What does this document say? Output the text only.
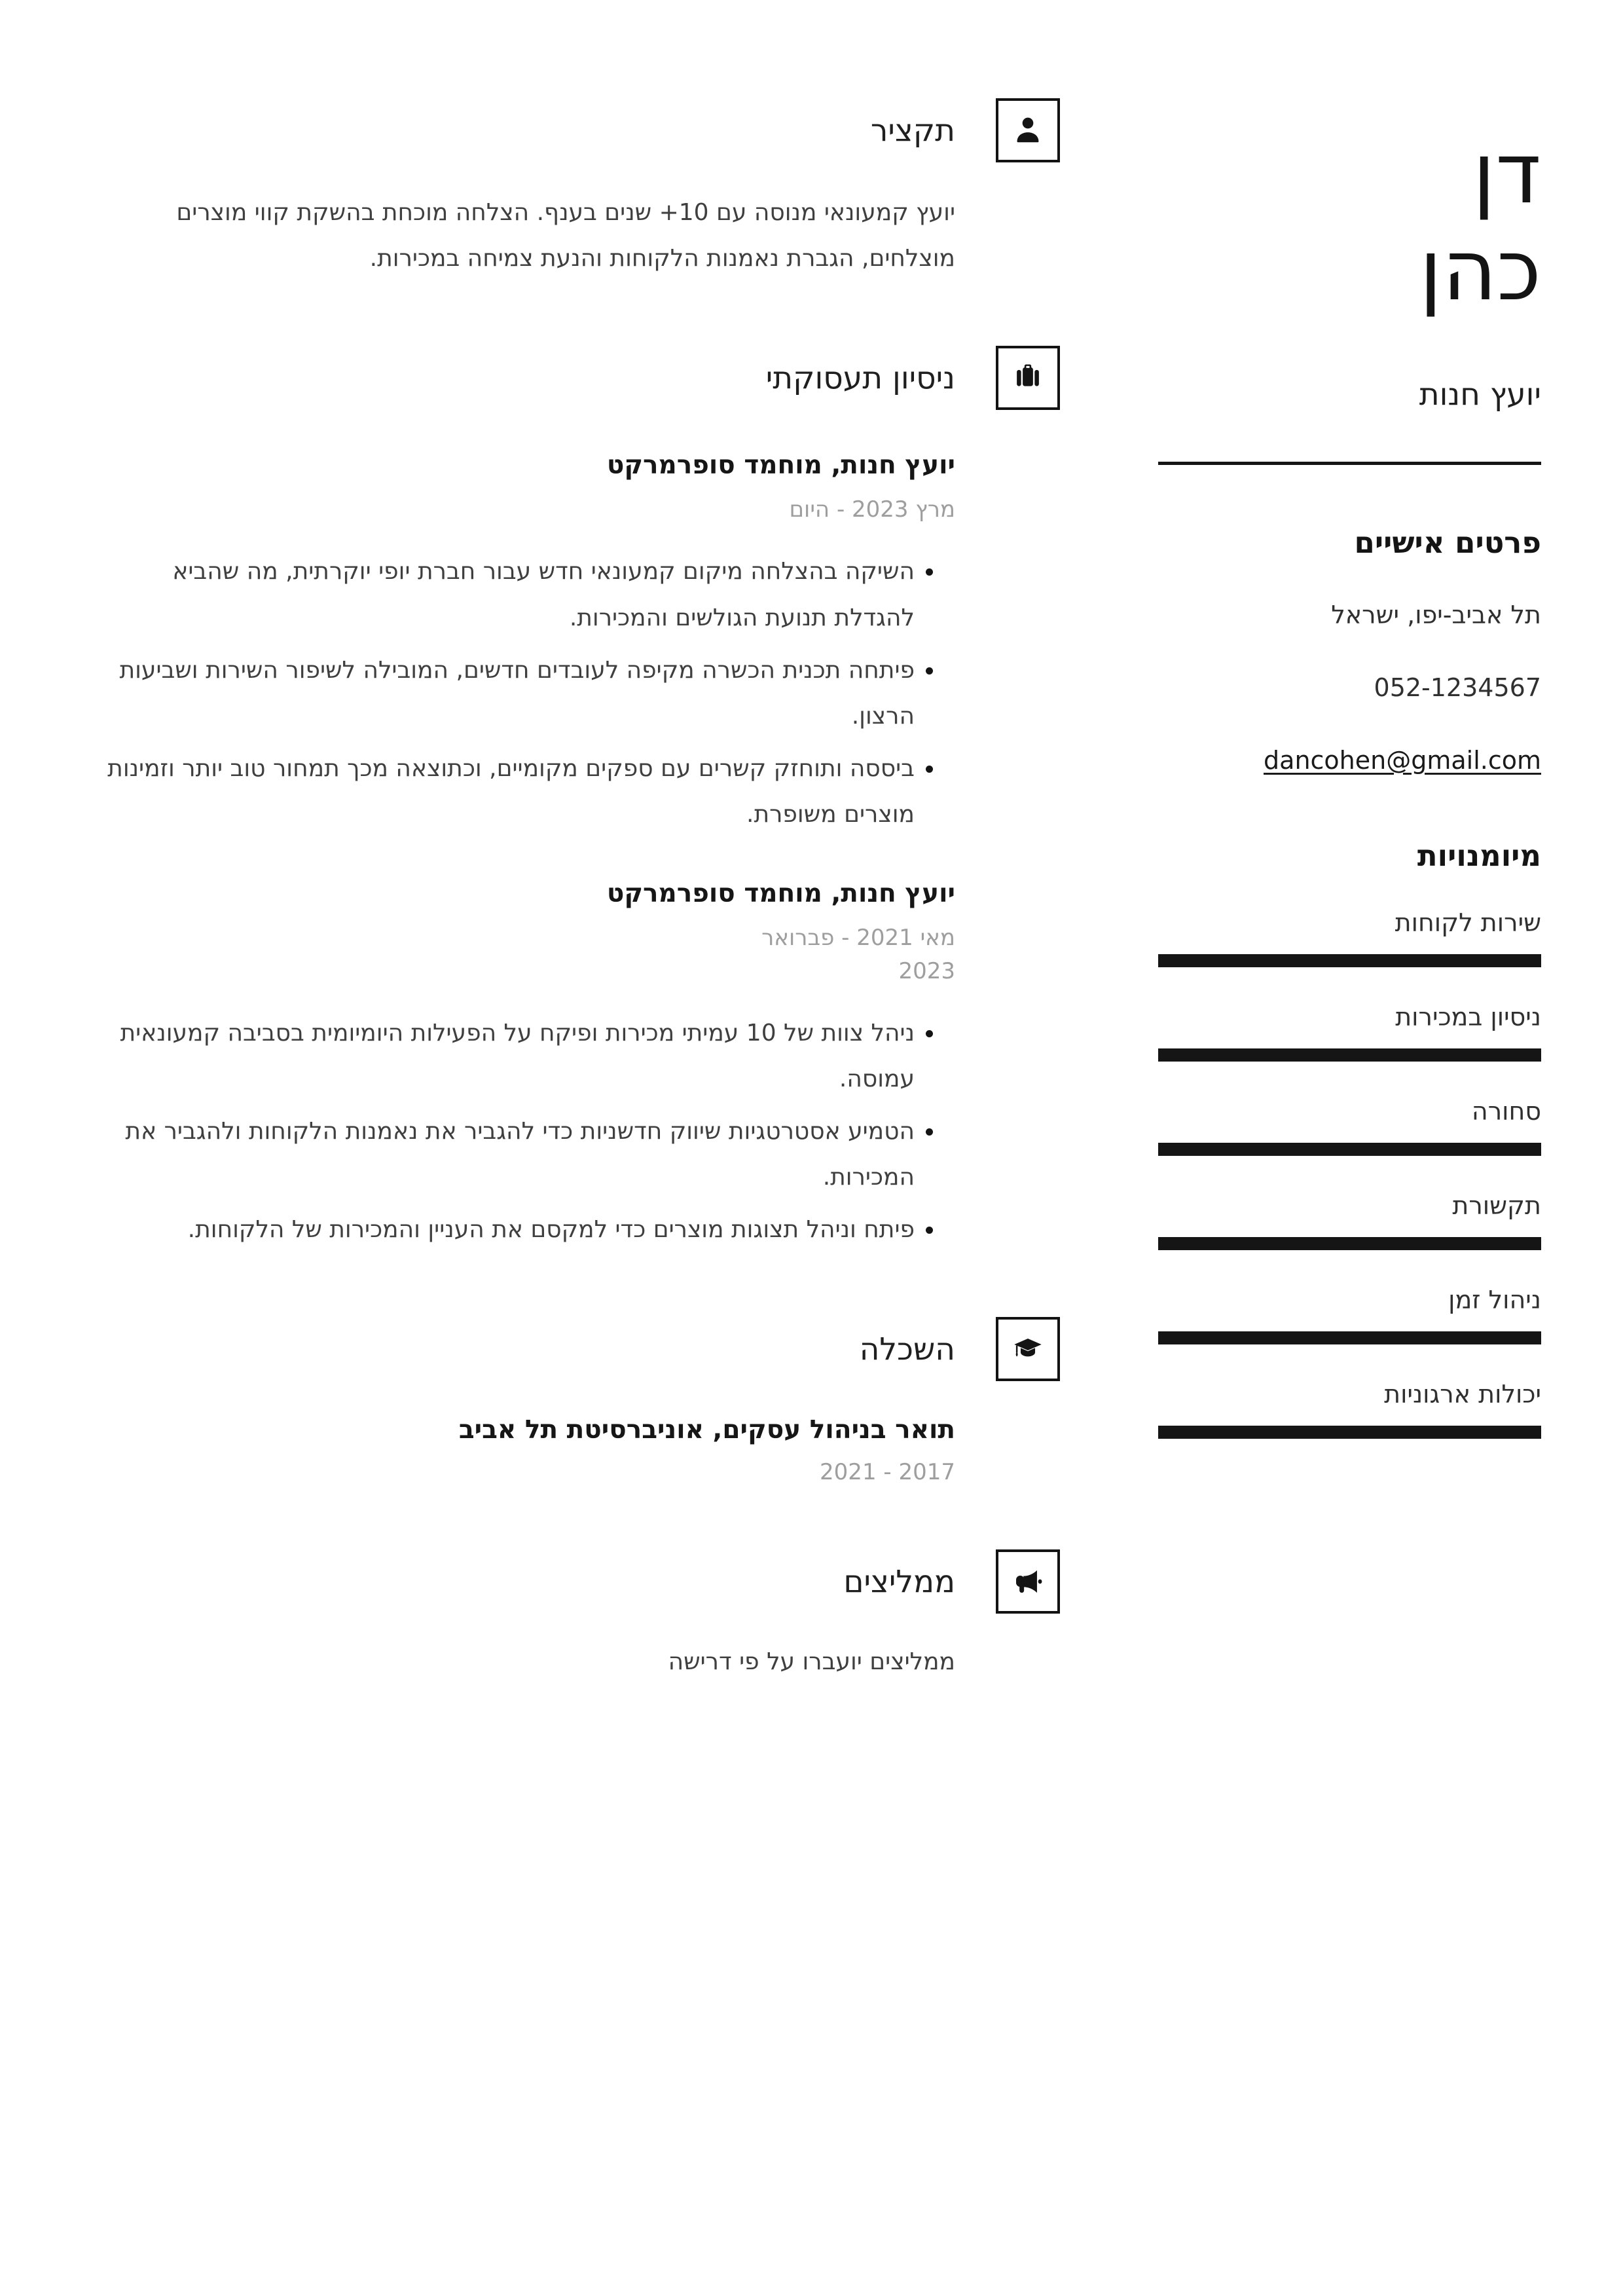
דן
כהן
יועץ חנות
פרטים אישיים
תל אביב-יפו, ישראל
052-1234567
dancohen@gmail.com
מיומנויות
שירות לקוחות
ניסיון במכירות
סחורה
תקשורת
ניהול זמן
יכולות ארגוניות
תקציר

יועץ קמעונאי מנוסה עם 10+ שנים בענף. הצלחה מוכחת בהשקת קווי מוצרים מוצלחים, הגברת נאמנות הלקוחות והנעת צמיחה במכירות.

ניסיון תעסוקתי
יועץ חנות, מוחמד סופרמרקט
מרץ 2023 - היום
• השיקה בהצלחה מיקום קמעונאי חדש עבור חברת יופי יוקרתית, מה שהביא להגדלת תנועת הגולשים והמכירות.
• פיתחה תכנית הכשרה מקיפה לעובדים חדשים, המובילה לשיפור השירות ושביעות הרצון.
• ביססה ותוחזק קשרים עם ספקים מקומיים, וכתוצאה מכך תמחור טוב יותר וזמינות מוצרים משופרת.
יועץ חנות, מוחמד סופרמרקט
מאי 2021 - פברואר 2023
• ניהל צוות של 10 עמיתי מכירות ופיקח על הפעילות היומיומית בסביבה קמעונאית עמוסה.
• הטמיע אסטרטגיות שיווק חדשניות כדי להגביר את נאמנות הלקוחות ולהגביר את המכירות.
• פיתח וניהל תצוגות מוצרים כדי למקסם את העניין והמכירות של הלקוחות.
השכלה
תואר בניהול עסקים, אוניברסיטת תל אביב
2017 - 2021
ממליצים

ממליצים יועברו על פי דרישה
